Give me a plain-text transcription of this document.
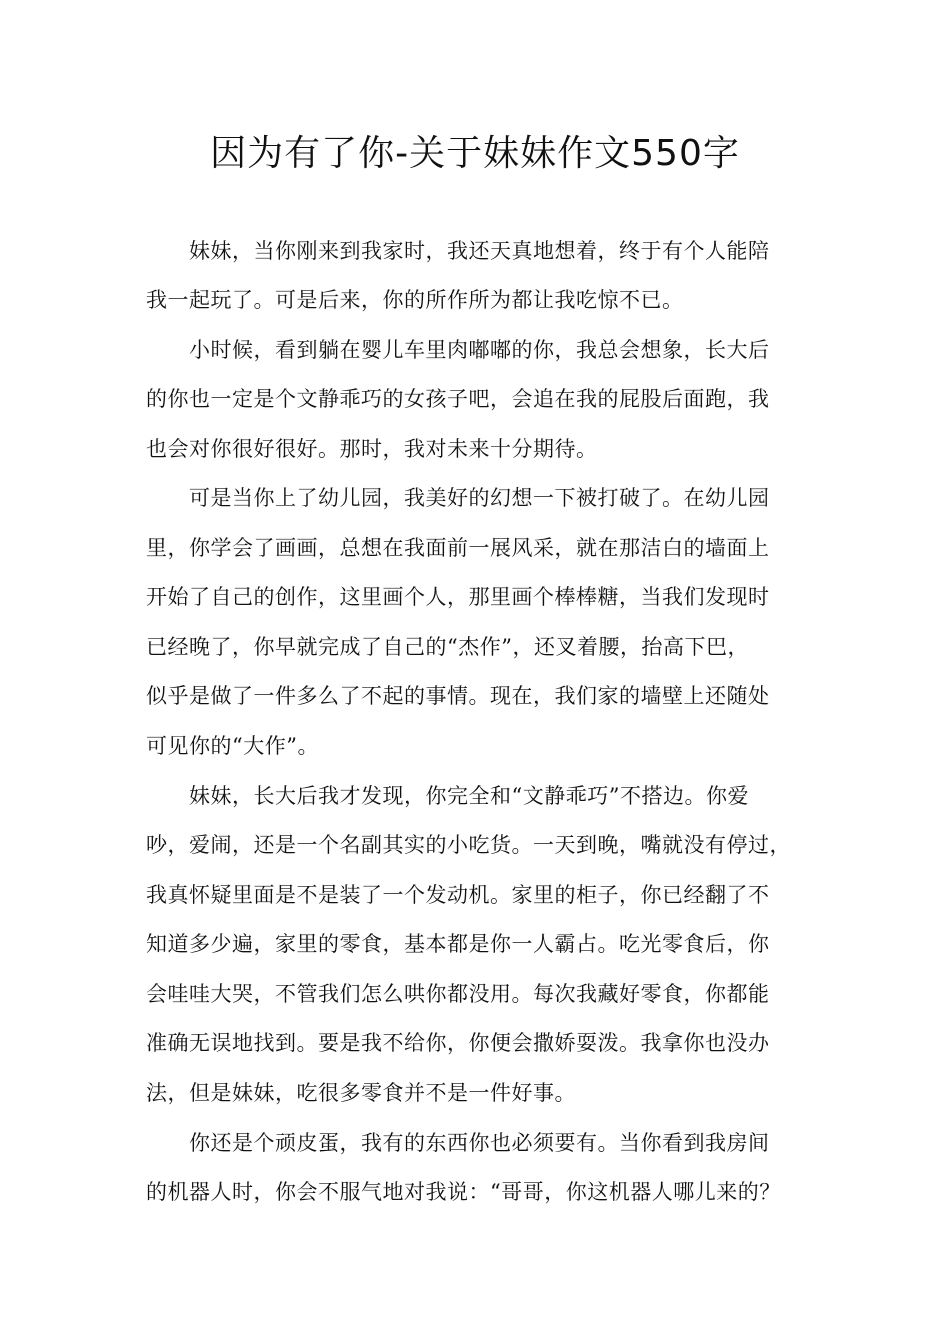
因为有了你-关于妹妹作文550字
妹妹，当你刚来到我家时，我还天真地想着，终于有个人能陪
我一起玩了。可是后来，你的所作所为都让我吃惊不已。
小时候，看到躺在婴儿车里肉嘟嘟的你，我总会想象，长大后
的你也一定是个文静乖巧的女孩子吧，会追在我的屁股后面跑，我
也会对你很好很好。那时，我对未来十分期待。
可是当你上了幼儿园，我美好的幻想一下被打破了。在幼儿园
里，你学会了画画，总想在我面前一展风采，就在那洁白的墙面上
开始了自己的创作，这里画个人，那里画个棒棒糖，当我们发现时
已经晚了，你早就完成了自己的“杰作”，还叉着腰，抬高下巴，
似乎是做了一件多么了不起的事情。现在，我们家的墙壁上还随处
可见你的“大作”。
妹妹，长大后我才发现，你完全和“文静乖巧”不搭边。你爱
吵，爱闹，还是一个名副其实的小吃货。一天到晚，嘴就没有停过，
我真怀疑里面是不是装了一个发动机。家里的柜子，你已经翻了不
知道多少遍，家里的零食，基本都是你一人霸占。吃光零食后，你
会哇哇大哭，不管我们怎么哄你都没用。每次我藏好零食，你都能
准确无误地找到。要是我不给你，你便会撒娇耍泼。我拿你也没办
法，但是妹妹，吃很多零食并不是一件好事。
你还是个顽皮蛋，我有的东西你也必须要有。当你看到我房间
的机器人时，你会不服气地对我说：“哥哥，你这机器人哪儿来的？
